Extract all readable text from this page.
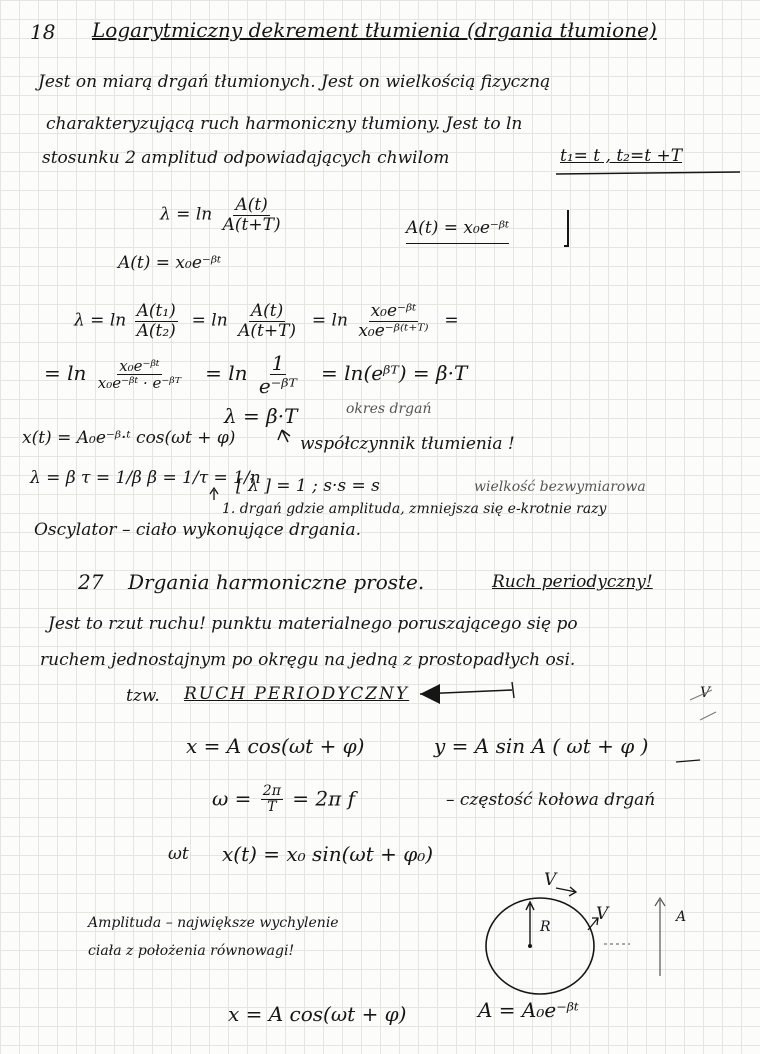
18 Logarytmiczny dekrement tłumienia (drgania tłumione)
Jest on miarą drgań tłumionych. Jest on wielkością fizyczną
charakteryzującą ruch harmoniczny tłumiony. Jest to ln
stosunku 2 amplitud odpowiadających chwilom	t₁= t , t₂=t +T
$\lambda = \ln \frac{A(t)}{A(t+T)}$	A(t) = x₀e⁻ᵝᵗ
A(t) = x₀e⁻ᵝᵗ
$\lambda = \ln \frac{\text{A(t₁)}}{\text{A(t₂)}} = \ln \frac{A(t)}{A(t+T)} = \ln \frac{\text{x₀e⁻ᵝᵗ}}{\text{x₀e⁻ᵝ⁽ᵗ⁺ᵀ⁾}}$ =
= $\ln \frac{\text{x₀e⁻ᵝᵗ}}{\text{x₀e⁻ᵝᵗ · e⁻ᵝᵀ}} = \ln \frac{1}{\text{e⁻ᵝᵀ}}$ = ln(eᵝᵀ) = β·T
λ = β·T	okres drgań
współczynnik tłumienia !
x(t) = A₀e⁻ᵝ·ᵗ cos(ωt + φ)
λ = β τ = 1/β β = 1/τ = 1/n
[ λ ] = 1 ; s·s = s	wielkość bezwymiarowa
1. drgań gdzie amplituda, zmniejsza się e-krotnie razy
Oscylator – ciało wykonujące drgania.
27 Drgania harmoniczne proste.	Ruch periodyczny!
Jest to rzut ruchu! punktu materialnego poruszającego się po
ruchem jednostajnym po okręgu na jedną z prostopadłych osi.
tzw. RUCH PERIODYCZNY
x = A cos(ωt + φ)	y = A sin A ( ωt + φ )
$\omega = \frac{2\pi}{T} = 2\pi$ f	– częstość kołowa drgań
ωt x(t) = x₀ sin(ωt + φ₀)
Amplituda – największe wychylenie
ciała z położenia równowagi!
x = A cos(ωt + φ)	A = A₀e⁻ᵝᵗ
V
V
R
A
V
